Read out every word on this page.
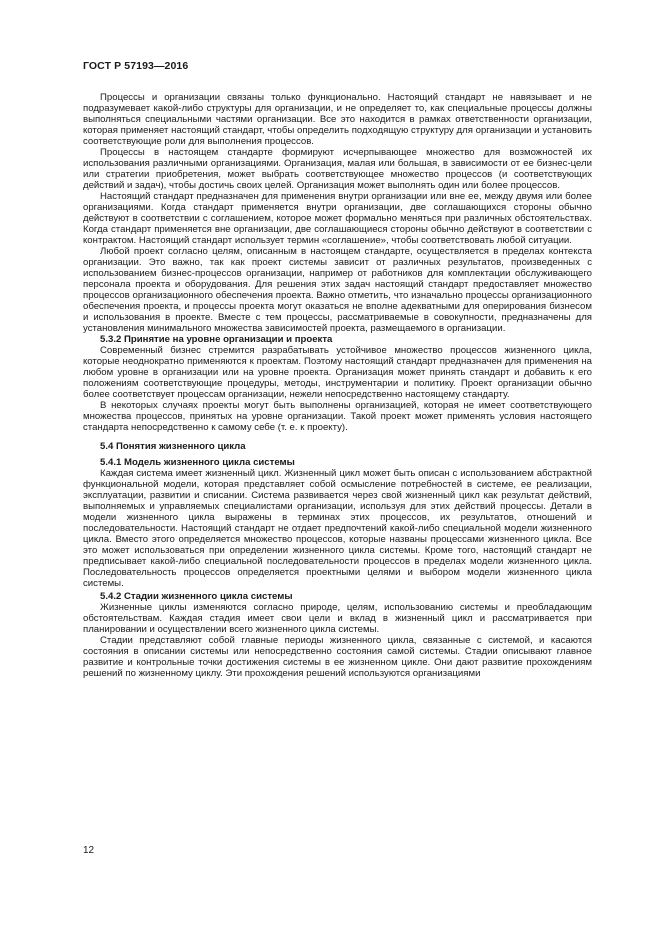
ГОСТ Р 57193—2016

Процессы и организации связаны только функционально. Настоящий стандарт не навязывает и не подразумевает какой-либо структуры для организации, и не определяет то, как специальные процессы должны выполняться специальными частями организации. Все это находится в рамках ответственности организации, которая применяет настоящий стандарт, чтобы определить подходящую структуру для организации и установить соответствующие роли для выполнения процессов.

Процессы в настоящем стандарте формируют исчерпывающее множество для возможностей их использования различными организациями. Организация, малая или большая, в зависимости от ее бизнес-цели или стратегии приобретения, может выбрать соответствующее множество процессов (и соответствующих действий и задач), чтобы достичь своих целей. Организация может выполнять один или более процессов.

Настоящий стандарт предназначен для применения внутри организации или вне ее, между двумя или более организациями. Когда стандарт применяется внутри организации, две соглашающихся стороны обычно действуют в соответствии с соглашением, которое может формально меняться при различных обстоятельствах. Когда стандарт применяется вне организации, две соглашающиеся стороны обычно действуют в соответствии с контрактом. Настоящий стандарт использует термин «соглашение», чтобы соответствовать любой ситуации.

Любой проект согласно целям, описанным в настоящем стандарте, осуществляется в пределах контекста организации. Это важно, так как проект системы зависит от различных результатов, произведенных с использованием бизнес-процессов организации, например от работников для комплектации обслуживающего персонала проекта и оборудования. Для решения этих задач настоящий стандарт предоставляет множество процессов организационного обеспечения проекта. Важно отметить, что изначально процессы организационного обеспечения проекта, и процессы проекта могут оказаться не вполне адекватными для оперирования бизнесом и использования в проекте. Вместе с тем процессы, рассматриваемые в совокупности, предназначены для установления минимального множества зависимостей проекта, размещаемого в организации.

5.3.2 Принятие на уровне организации и проекта

Современный бизнес стремится разрабатывать устойчивое множество процессов жизненного цикла, которые неоднократно применяются к проектам. Поэтому настоящий стандарт предназначен для применения на любом уровне в организации или на уровне проекта. Организация может принять стандарт и добавить к его положениям соответствующие процедуры, методы, инструментарии и политику. Проект организации обычно более соответствует процессам организации, нежели непосредственно настоящему стандарту.

В некоторых случаях проекты могут быть выполнены организацией, которая не имеет соответствующего множества процессов, принятых на уровне организации. Такой проект может применять условия настоящего стандарта непосредственно к самому себе (т. е. к проекту).

5.4 Понятия жизненного цикла
5.4.1 Модель жизненного цикла системы

Каждая система имеет жизненный цикл. Жизненный цикл может быть описан с использованием абстрактной функциональной модели, которая представляет собой осмысление потребностей в системе, ее реализации, эксплуатации, развитии и списании. Система развивается через свой жизненный цикл как результат действий, выполняемых и управляемых специалистами организации, используя для этих действий процессы. Детали в модели жизненного цикла выражены в терминах этих процессов, их результатов, отношений и последовательности. Настоящий стандарт не отдает предпочтений какой-либо специальной модели жизненного цикла. Вместо этого определяется множество процессов, которые названы процессами жизненного цикла. Все это может использоваться при определении жизненного цикла системы. Кроме того, настоящий стандарт не предписывает какой-либо специальной последовательности процессов в пределах модели жизненного цикла. Последовательность процессов определяется проектными целями и выбором модели жизненного цикла системы.

5.4.2 Стадии жизненного цикла системы

Жизненные циклы изменяются согласно природе, целям, использованию системы и преобладающим обстоятельствам. Каждая стадия имеет свои цели и вклад в жизненный цикл и рассматривается при планировании и осуществлении всего жизненного цикла системы.

Стадии представляют собой главные периоды жизненного цикла, связанные с системой, и касаются состояния в описании системы или непосредственно состояния самой системы. Стадии описывают главное развитие и контрольные точки достижения системы в ее жизненном цикле. Они дают развитие прохождениям решений по жизненному циклу. Эти прохождения решений используются организациями

12
